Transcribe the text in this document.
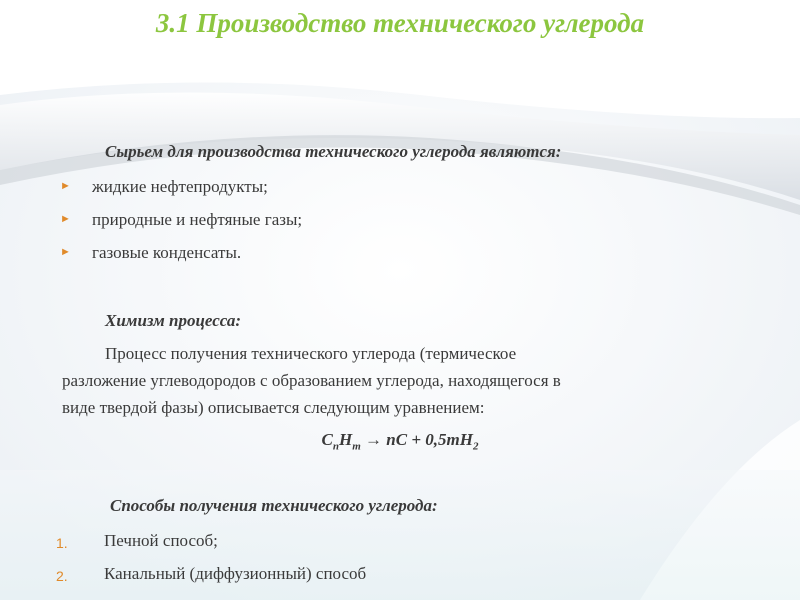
3.1 Производство технического углерода
Сырьем для производства технического углерода являются:
► жидкие нефтепродукты;
► природные и нефтяные газы;
► газовые конденсаты.
Химизм процесса:
Процесс получения технического углерода (термическое
разложение углеводородов с образованием углерода, находящегося в
виде твердой фазы) описывается следующим уравнением:
$C_nH_m$ → nC + $0,5mH_2$
Способы получения технического углерода:
1. Печной способ;
2. Канальный (диффузионный) способ
